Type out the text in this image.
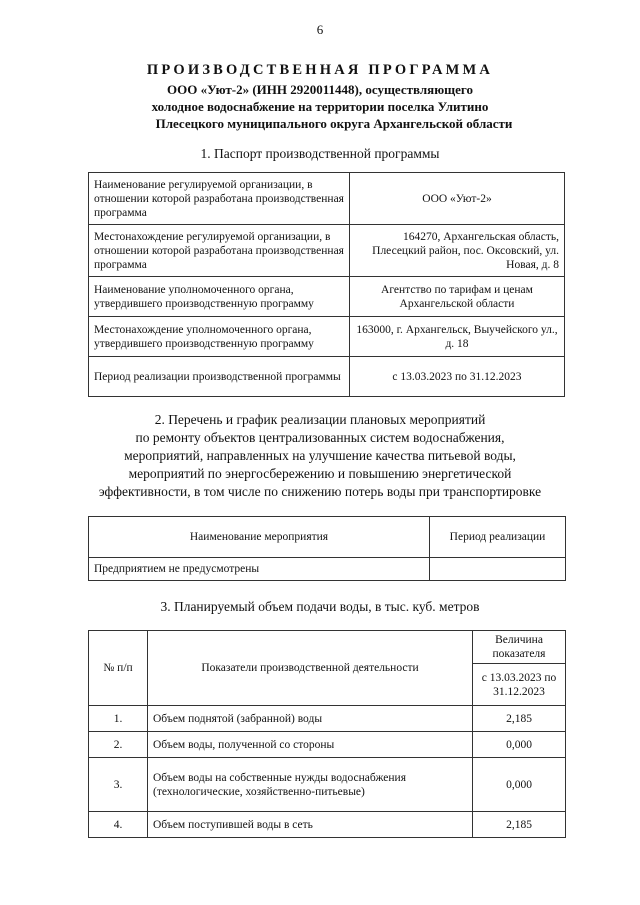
6
ПРОИЗВОДСТВЕННАЯ ПРОГРАММА
ООО «Уют-2» (ИНН 2920011448), осуществляющего
холодное водоснабжение на территории поселка Улитино
Плесецкого муниципального округа Архангельской области
1. Паспорт производственной программы
Наименование регулируемой организации, в отношении которой разработана производственная программа	ООО «Уют-2»
Местонахождение регулируемой организации, в отношении которой разработана производственная программа	164270, Архангельская область, Плесецкий район, пос. Оксовский, ул. Новая, д. 8
Наименование уполномоченного органа, утвердившего производственную программу	Агентство по тарифам и ценам Архангельской области
Местонахождение уполномоченного органа, утвердившего производственную программу	163000, г. Архангельск, Выучейского ул., д. 18
Период реализации производственной программы	с 13.03.2023 по 31.12.2023
2. Перечень и график реализации плановых мероприятий
по ремонту объектов централизованных систем водоснабжения,
мероприятий, направленных на улучшение качества питьевой воды,
мероприятий по энергосбережению и повышению энергетической
эффективности, в том числе по снижению потерь воды при транспортировке
Наименование мероприятия	Период реализации
Предприятием не предусмотрены	
3. Планируемый объем подачи воды, в тыс. куб. метров
№ п/п	Показатели производственной деятельности	Величина показателя
		с 13.03.2023 по 31.12.2023
1.	Объем поднятой (забранной) воды	2,185
2.	Объем воды, полученной со стороны	0,000
3.	Объем воды на собственные нужды водоснабжения (технологические, хозяйственно-питьевые)	0,000
4.	Объем поступившей воды в сеть	2,185
